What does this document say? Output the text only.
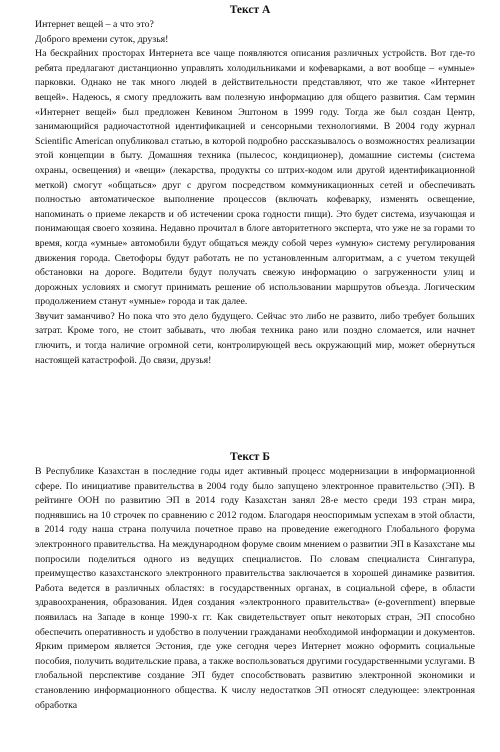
Текст А

Интернет вещей – а что это?

Доброго времени суток, друзья!

На бескрайних просторах Интернета все чаще появляются описания различных устройств. Вот где-то ребята предлагают дистанционно управлять холодильниками и кофеварками, а вот вообще – «умные» парковки. Однако не так много людей в действительности представляют, что же такое «Интернет вещей». Надеюсь, я смогу предложить вам полезную информацию для общего развития. Сам термин «Интернет вещей» был предложен Кевином Эштоном в 1999 году. Тогда же был создан Центр, занимающийся радиочастотной идентификацией и сенсорными технологиями. В 2004 году журнал Scientific American опубликовал статью, в которой подробно рассказывалось о возможностях реализации этой концепции в быту. Домашняя техника (пылесос, кондиционер), домашние системы (система охраны, освещения) и «вещи» (лекарства, продукты со штрих-кодом или другой идентификационной меткой) смогут «общаться» друг с другом посредством коммуникационных сетей и обеспечивать полностью автоматическое выполнение процессов (включать кофеварку, изменять освещение, напоминать о приеме лекарств и об истечении срока годности пищи). Это будет система, изучающая и понимающая своего хозяина. Недавно прочитал в блоге авторитетного эксперта, что уже не за горами то время, когда «умные» автомобили будут общаться между собой через «умную» систему регулирования движения города. Светофоры будут работать не по установленным алгоритмам, а с учетом текущей обстановки на дороге. Водители будут получать свежую информацию о загруженности улиц и дорожных условиях и смогут принимать решение об использовании маршрутов объезда. Логическим продолжением станут «умные» города и так далее.

Звучит заманчиво? Но пока что это дело будущего. Сейчас это либо не развито, либо требует больших затрат. Кроме того, не стоит забывать, что любая техника рано или поздно сломается, или начнет глючить, и тогда наличие огромной сети, контролирующей весь окружающий мир, может обернуться настоящей катастрофой. До связи, друзья!

Текст Б

В Республике Казахстан в последние годы идет активный процесс модернизации в информационной сфере. По инициативе правительства в 2004 году было запущено электронное правительство (ЭП). В рейтинге ООН по развитию ЭП в 2014 году Казахстан занял 28-е место среди 193 стран мира, поднявшись на 10 строчек по сравнению с 2012 годом. Благодаря неоспоримым успехам в этой области, в 2014 году наша страна получила почетное право на проведение ежегодного Глобального форума электронного правительства. На международном форуме своим мнением о развитии ЭП в Казахстане мы попросили поделиться одного из ведущих специалистов. По словам специалиста Сингапура, преимущество казахстанского электронного правительства заключается в хорошей динамике развития. Работа ведется в различных областях: в государственных органах, в социальной сфере, в области здравоохранения, образования. Идея создания «электронного правительства» (e-government) впервые появилась на Западе в конце 1990-х гг. Как свидетельствует опыт некоторых стран, ЭП способно обеспечить оперативность и удобство в получении гражданами необходимой информации и документов. Ярким примером является Эстония, где уже сегодня через Интернет можно оформить социальные пособия, получить водительские права, а также воспользоваться другими государственными услугами. В глобальной перспективе создание ЭП будет способствовать развитию электронной экономики и становлению информационного общества. К числу недостатков ЭП относят следующее: электронная обработка
